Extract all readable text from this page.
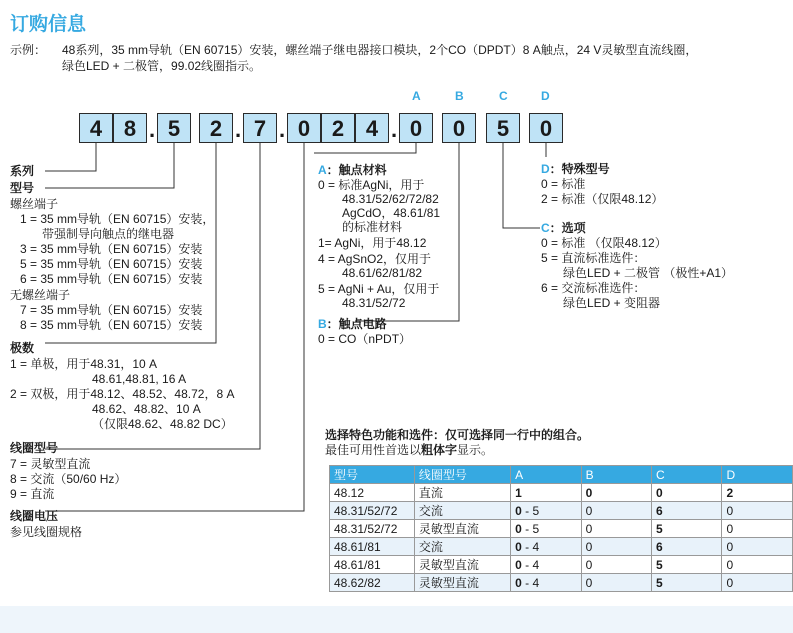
订购信息
示例： 48系列，35 mm导轨（EN 60715）安装，螺丝端子继电器接口模块，2个CO（DPDT）8 A触点，24 V灵敏型直流线圈，
绿色LED + 二极管，99.02线圈指示。
A	B	C	D
4 8 . 5	2 . 7 . 0 2 4 . 0	0	5	0
系列
型号
螺丝端子
1 = 35 mm导轨（EN 60715）安装，
带强制导向触点的继电器
3 = 35 mm导轨（EN 60715）安装
5 = 35 mm导轨（EN 60715）安装
6 = 35 mm导轨（EN 60715）安装
无螺丝端子
7 = 35 mm导轨（EN 60715）安装
8 = 35 mm导轨（EN 60715）安装
极数
1 = 单极，用于48.31，10 A
48.61,48.81, 16 A
2 = 双极，用于48.12、48.52、48.72，8 A
48.62、48.82、10 A
（仅限48.62、48.82 DC）
线圈型号
7 = 灵敏型直流
8 = 交流（50/60 Hz）
9 = 直流
线圈电压
参见线圈规格
A：触点材料
0 = 标准AgNi，用于
48.31/52/62/72/82
AgCdO，48.61/81
的标准材料
1= AgNi，用于48.12
4 = AgSnO2，仅用于
48.61/62/81/82
5 = AgNi + Au，仅用于
48.31/52/72
B：触点电路
0 = CO（nPDT）
D：特殊型号
0 = 标准
2 = 标准（仅限48.12）
C：选项
0 = 标准 （仅限48.12）
5 = 直流标准选件：
绿色LED + 二极管 （极性+A1）
6 = 交流标准选件：
绿色LED + 变阻器
选择特色功能和选件：仅可选择同一行中的组合。
最佳可用性首选以粗体字显示。
型号	线圈型号	A	B	C	D
48.12	直流	1	0	0	2
48.31/52/72	交流	0 - 5	0	6	0
48.31/52/72	灵敏型直流	0 - 5	0	5	0
48.61/81	交流	0 - 4	0	6	0
48.61/81	灵敏型直流	0 - 4	0	5	0
48.62/82	灵敏型直流	0 - 4	0	5	0
